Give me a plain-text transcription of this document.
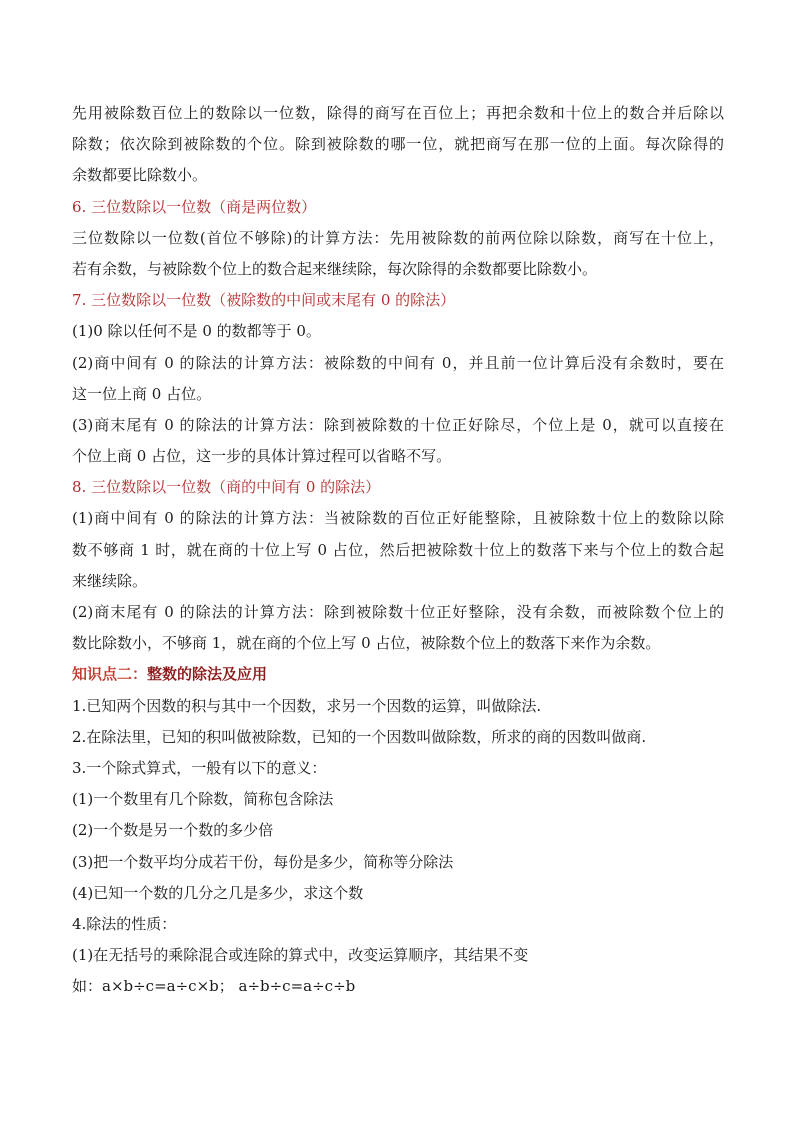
先用被除数百位上的数除以一位数，除得的商写在百位上；再把余数和十位上的数合并后除以
除数；依次除到被除数的个位。除到被除数的哪一位，就把商写在那一位的上面。每次除得的
余数都要比除数小。
6. 三位数除以一位数（商是两位数）
三位数除以一位数(首位不够除)的计算方法：先用被除数的前两位除以除数，商写在十位上，
若有余数，与被除数个位上的数合起来继续除，每次除得的余数都要比除数小。
7. 三位数除以一位数（被除数的中间或末尾有 0 的除法）
(1)0 除以任何不是 0 的数都等于 0。
(2)商中间有 0 的除法的计算方法：被除数的中间有 0，并且前一位计算后没有余数时，要在
这一位上商 0 占位。
(3)商末尾有 0 的除法的计算方法：除到被除数的十位正好除尽，个位上是 0，就可以直接在
个位上商 0 占位，这一步的具体计算过程可以省略不写。
8. 三位数除以一位数（商的中间有 0 的除法）
(1)商中间有 0 的除法的计算方法：当被除数的百位正好能整除，且被除数十位上的数除以除
数不够商 1 时，就在商的十位上写 0 占位，然后把被除数十位上的数落下来与个位上的数合起
来继续除。
(2)商末尾有 0 的除法的计算方法：除到被除数十位正好整除，没有余数，而被除数个位上的
数比除数小，不够商 1，就在商的个位上写 0 占位，被除数个位上的数落下来作为余数。
知识点二：整数的除法及应用
1.已知两个因数的积与其中一个因数，求另一个因数的运算，叫做除法.
2.在除法里，已知的积叫做被除数，已知的一个因数叫做除数，所求的商的因数叫做商.
3.一个除式算式，一般有以下的意义：
(1)一个数里有几个除数，简称包含除法
(2)一个数是另一个数的多少倍
(3)把一个数平均分成若干份，每份是多少，简称等分除法
(4)已知一个数的几分之几是多少，求这个数
4.除法的性质：
(1)在无括号的乘除混合或连除的算式中，改变运算顺序，其结果不变
如：a×b÷c=a÷c×b； a÷b÷c=a÷c÷b
